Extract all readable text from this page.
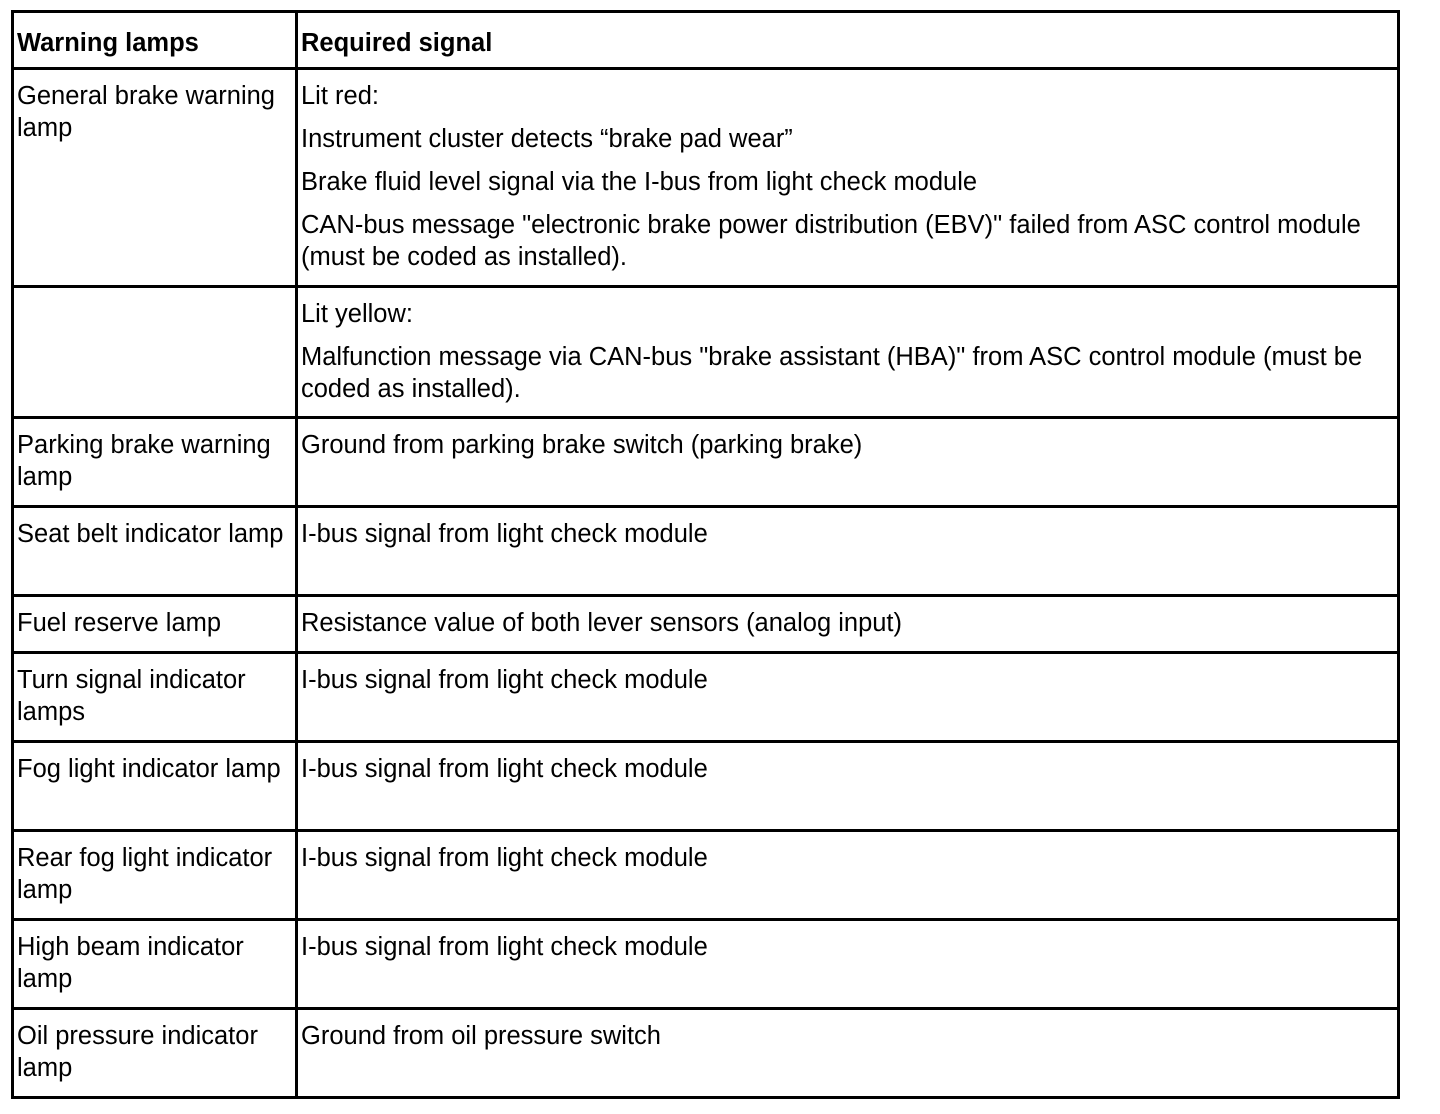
Warning lamps	Required signal
General brake warning lamp	Lit red:

Instrument cluster detects “brake pad wear”

Brake fluid level signal via the I-bus from light check module

CAN-bus message "electronic brake power distribution (EBV)" failed from ASC control module (must be coded as installed).

	Lit yellow:

Malfunction message via CAN-bus "brake assistant (HBA)" from ASC control module (must be coded as installed).

Parking brake warning lamp	Ground from parking brake switch (parking brake)

Seat belt indicator lamp	I-bus signal from light check module

Fuel reserve lamp	Resistance value of both lever sensors (analog input)

Turn signal indicator lamps	I-bus signal from light check module

Fog light indicator lamp	I-bus signal from light check module

Rear fog light indicator lamp	I-bus signal from light check module

High beam indicator lamp	I-bus signal from light check module

Oil pressure indicator lamp	Ground from oil pressure switch
